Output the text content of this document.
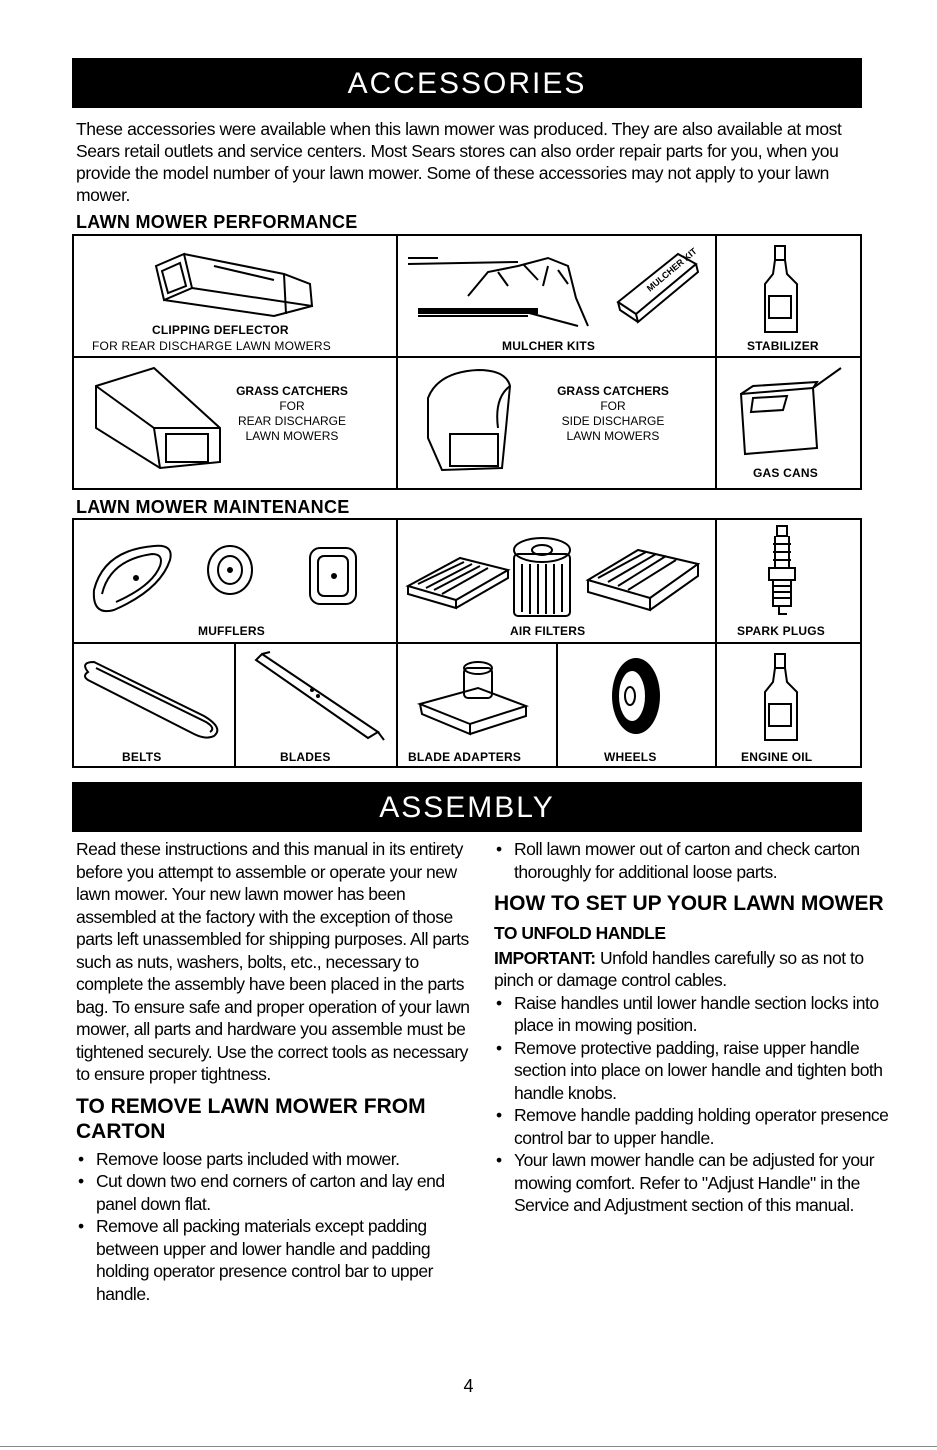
ACCESSORIES

These accessories were available when this lawn mower was produced. They are also available at most Sears retail outlets and service centers. Most Sears stores can also order repair parts for you, when you provide the model number of your lawn mower. Some of these accessories may not apply to your lawn mower.

LAWN MOWER PERFORMANCE
CLIPPING DEFLECTOR
FOR REAR DISCHARGE LAWN MOWERS
MULCHER KIT
MULCHER KITS	STABILIZER
GRASS CATCHERS
FOR
REAR DISCHARGE
LAWN MOWERS
GRASS CATCHERS
FOR
SIDE DISCHARGE
LAWN MOWERS
GAS CANS
LAWN MOWER MAINTENANCE
MUFFLERS	AIR FILTERS	SPARK PLUGS
BELTS	BLADES	BLADE ADAPTERS	WHEELS	ENGINE OIL
ASSEMBLY

Read these instructions and this manual in its entirety before you attempt to assemble or operate your new lawn mower. Your new lawn mower has been assembled at the factory with the exception of those parts left unassembled for shipping purposes. All parts such as nuts, washers, bolts, etc., necessary to complete the assembly have been placed in the parts bag. To ensure safe and proper operation of your lawn mower, all parts and hardware you assemble must be tightened securely. Use the correct tools as necessary to ensure proper tightness.

TO REMOVE LAWN MOWER FROM CARTON
• Remove loose parts included with mower.
• Cut down two end corners of carton and lay end panel down flat.
• Remove all packing materials except padding between upper and lower handle and padding holding operator presence control bar to upper handle.
• Roll lawn mower out of carton and check carton thoroughly for additional loose parts.
HOW TO SET UP YOUR LAWN MOWER
TO UNFOLD HANDLE

IMPORTANT: Unfold handles carefully so as not to pinch or damage control cables.

• Raise handles until lower handle section locks into place in mowing position.
• Remove protective padding, raise upper handle section into place on lower handle and tighten both handle knobs.
• Remove handle padding holding operator presence control bar to upper handle.
• Your lawn mower handle can be adjusted for your mowing comfort. Refer to "Adjust Handle" in the Service and Adjustment section of this manual.
4
